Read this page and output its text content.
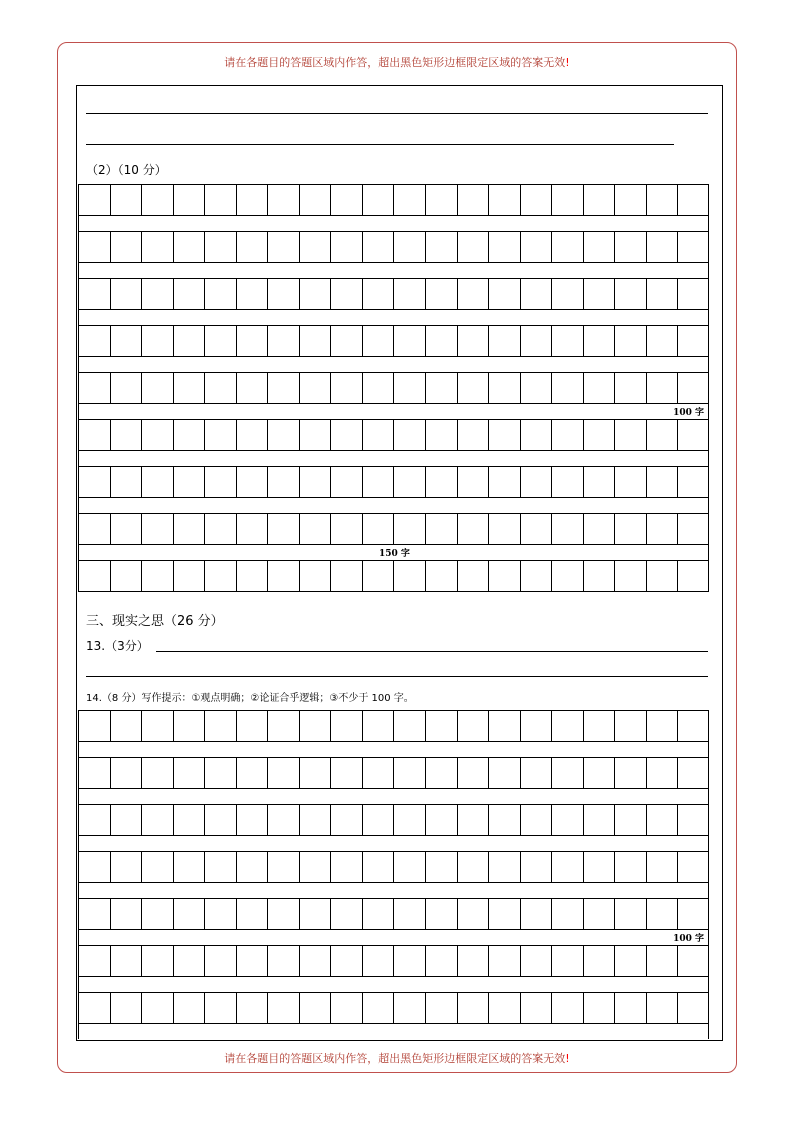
请在各题目的答题区域内作答，超出黑色矩形边框限定区域的答案无效!
（2）（10 分）
100 字
150 字
三、现实之思（26 分）
13.（3分）
14.（8 分）写作提示：①观点明确；②论证合乎逻辑；③不少于 100 字。
100 字
请在各题目的答题区域内作答，超出黑色矩形边框限定区域的答案无效!
